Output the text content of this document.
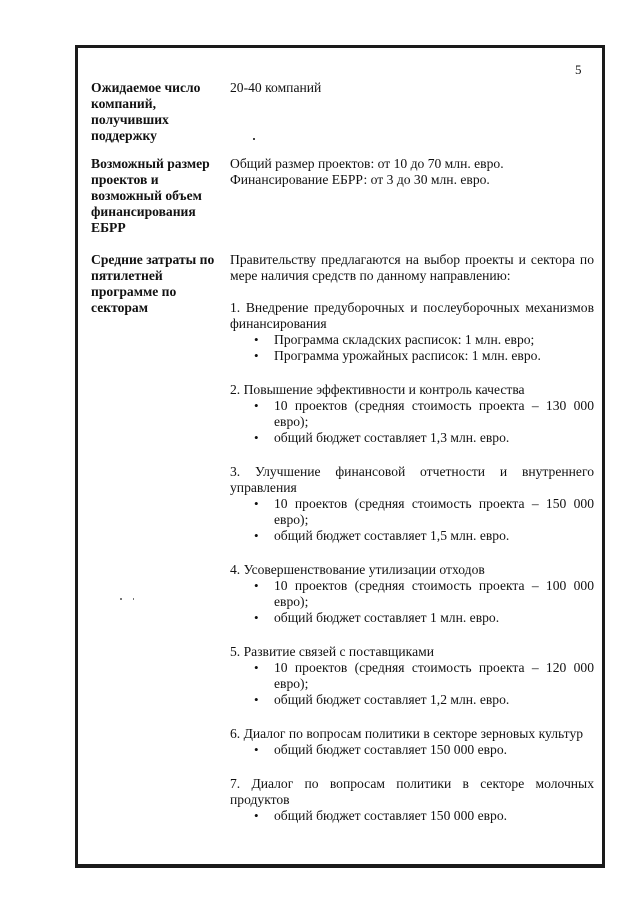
5
Ожидаемое число компаний, получивших поддержку
20-40 компаний
Возможный размер проектов и возможный объем финансирования ЕБРР

Общий размер проектов: от 10 до 70 млн. евро.

Финансирование ЕБРР: от 3 до 30 млн. евро.

Средние затраты по пятилетней программе по секторам

Правительству предлагаются на выбор проекты и сектора по мере наличия средств по данному направлению:

1. Внедрение предуборочных и послеуборочных механизмов финансирования

• Программа складских расписок: 1 млн. евро;
• Программа урожайных расписок: 1 млн. евро.

2. Повышение эффективности и контроль качества

• 10 проектов (средняя стоимость проекта – 130 000 евро);
• общий бюджет составляет 1,3 млн. евро.

3. Улучшение финансовой отчетности и внутреннего управления

• 10 проектов (средняя стоимость проекта – 150 000 евро);
• общий бюджет составляет 1,5 млн. евро.

4. Усовершенствование утилизации отходов

• 10 проектов (средняя стоимость проекта – 100 000 евро);
• общий бюджет составляет 1 млн. евро.

5. Развитие связей с поставщиками

• 10 проектов (средняя стоимость проекта – 120 000 евро);
• общий бюджет составляет 1,2 млн. евро.

6. Диалог по вопросам политики в секторе зерновых культур

• общий бюджет составляет 150 000 евро.

7. Диалог по вопросам политики в секторе молочных продуктов

• общий бюджет составляет 150 000 евро.
